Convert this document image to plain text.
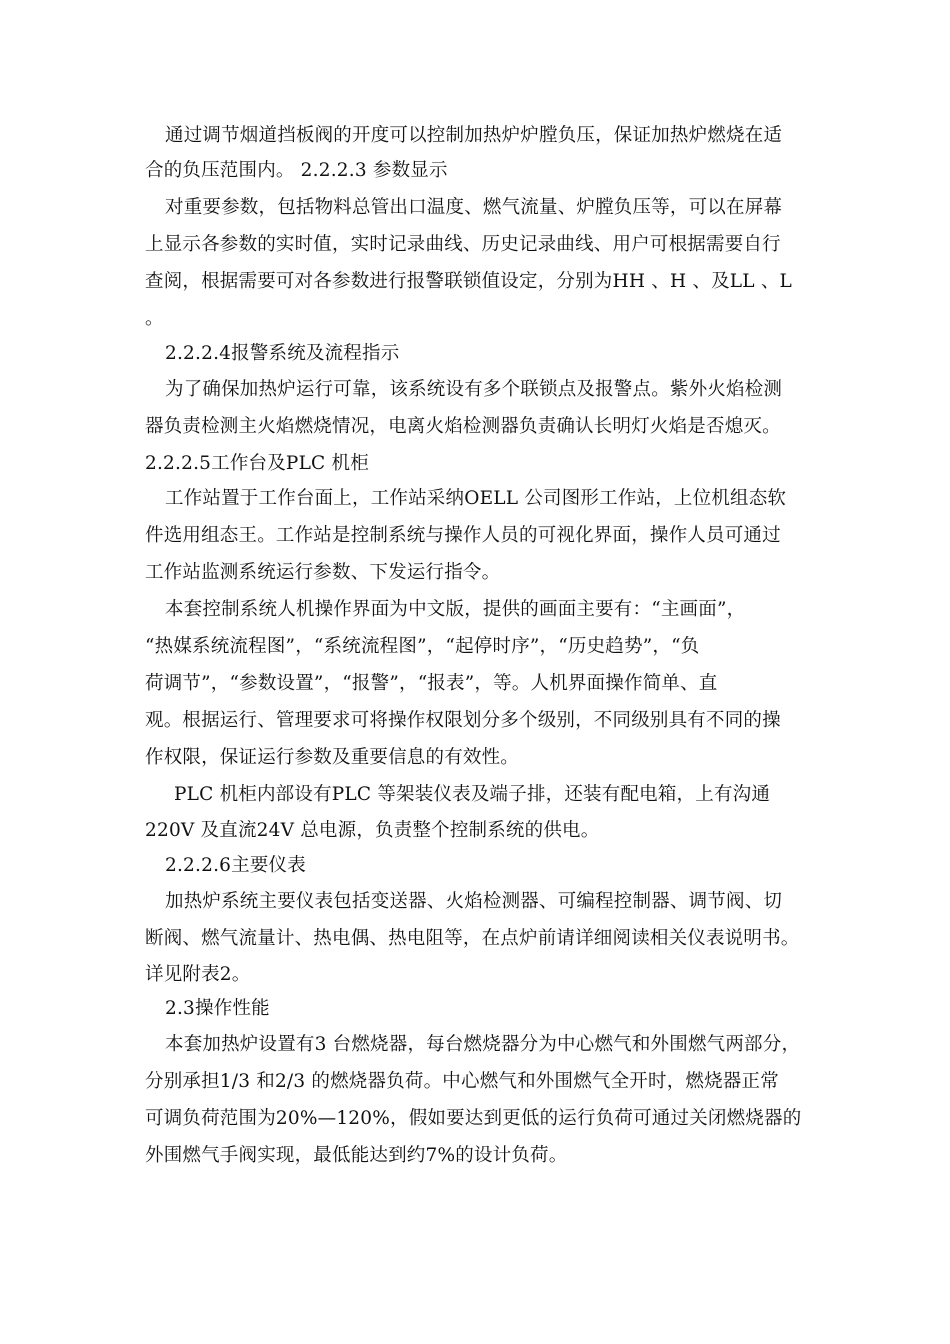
通过调节烟道挡板阀的开度可以控制加热炉炉膛负压，保证加热炉燃烧在适
合的负压范围内。 2.2.2.3 参数显示
对重要参数，包括物料总管出口温度、燃气流量、炉膛负压等，可以在屏幕
上显示各参数的实时值，实时记录曲线、历史记录曲线、用户可根据需要自行
查阅，根据需要可对各参数进行报警联锁值设定，分别为HH 、H 、及LL 、L
。
2.2.2.4报警系统及流程指示
为了确保加热炉运行可靠，该系统设有多个联锁点及报警点。紫外火焰检测
器负责检测主火焰燃烧情况，电离火焰检测器负责确认长明灯火焰是否熄灭。
2.2.2.5工作台及PLC 机柜
工作站置于工作台面上，工作站采纳OELL 公司图形工作站，上位机组态软
件选用组态王。工作站是控制系统与操作人员的可视化界面，操作人员可通过
工作站监测系统运行参数、下发运行指令。
本套控制系统人机操作界面为中文版，提供的画面主要有：“主画面”，
“热媒系统流程图”，“系统流程图”，“起停时序”，“历史趋势”，“负
荷调节”，“参数设置”，“报警”，“报表”，等。人机界面操作简单、直
观。根据运行、管理要求可将操作权限划分多个级别，不同级别具有不同的操
作权限，保证运行参数及重要信息的有效性。
PLC 机柜内部设有PLC 等架装仪表及端子排，还装有配电箱，上有沟通
220V 及直流24V 总电源，负责整个控制系统的供电。
2.2.2.6主要仪表
加热炉系统主要仪表包括变送器、火焰检测器、可编程控制器、调节阀、切
断阀、燃气流量计、热电偶、热电阻等，在点炉前请详细阅读相关仪表说明书。
详见附表2。
2.3操作性能
本套加热炉设置有3 台燃烧器，每台燃烧器分为中心燃气和外围燃气两部分，
分别承担1/3 和2/3 的燃烧器负荷。中心燃气和外围燃气全开时，燃烧器正常
可调负荷范围为20%—120%，假如要达到更低的运行负荷可通过关闭燃烧器的
外围燃气手阀实现，最低能达到约7%的设计负荷。
